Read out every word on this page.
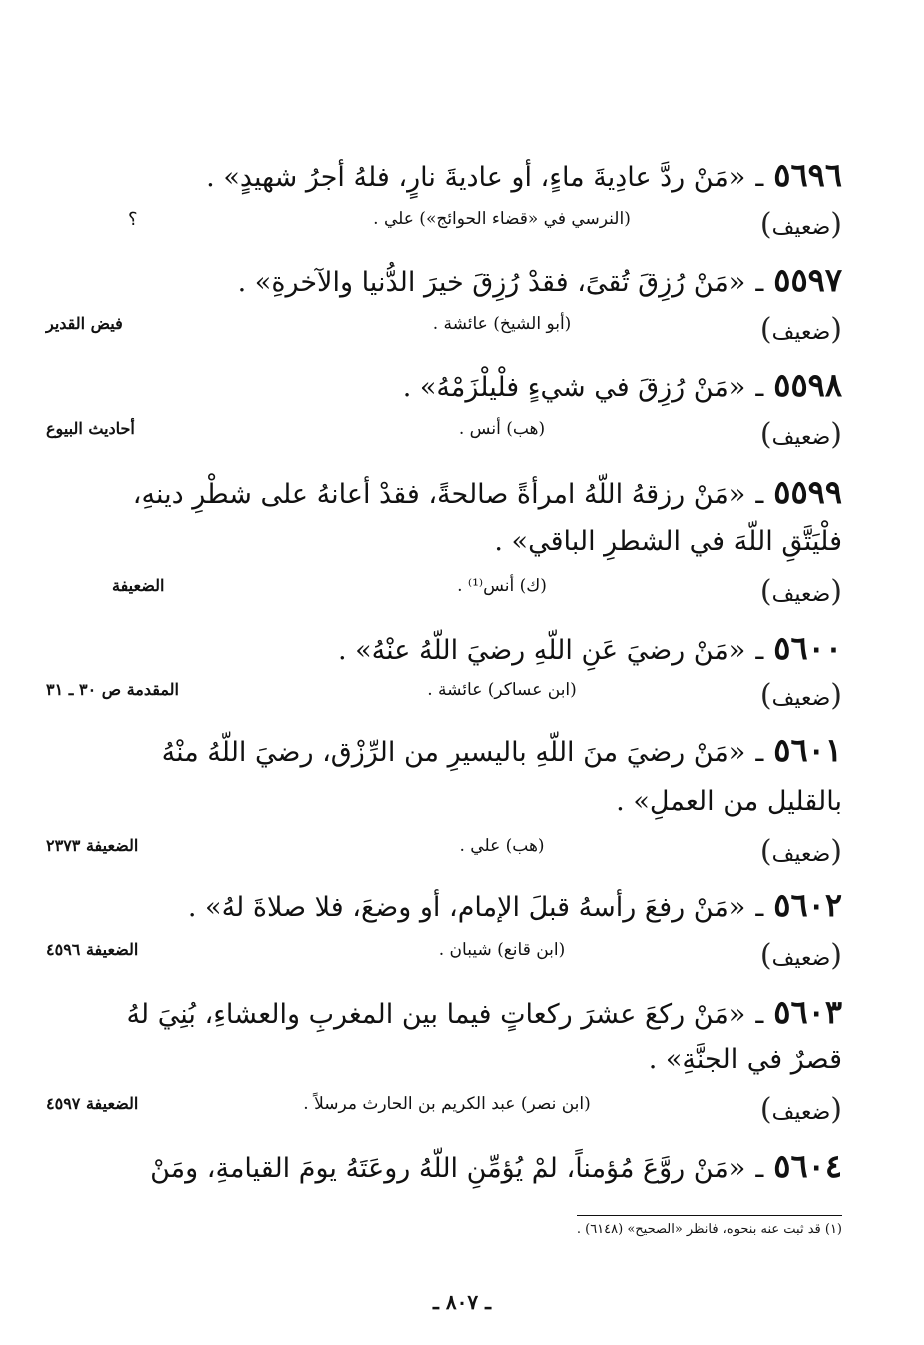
٥٦٩٦ـ«مَنْ ردَّ عادِيةَ ماءٍ، أو عاديةَ نارٍ، فلهُ أجرُ شهيدٍ» .
(ضعيف)
(النرسي في «قضاء الحوائج») علي .
؟
٥٥٩٧ـ«مَنْ رُزِقَ تُقىً، فقدْ رُزِقَ خيرَ الدُّنيا والآخرةِ» .
(ضعيف)
(أبو الشيخ) عائشة .
فيض القدير
٥٥٩٨ـ«مَنْ رُزِقَ في شيءٍ فلْيلْزَمْهُ» .
(ضعيف)
(هب) أنس .
أحاديث البيوع
٥٥٩٩ـ«مَنْ رزقهُ اللّهُ امرأةً صالحةً، فقدْ أعانهُ على شطْرِ دينهِ،
فلْيَتَّقِ اللّهَ في الشطرِ الباقي» .
(ضعيف)
(ك) أنس⁽¹⁾ .
الضعيفة
٥٦٠٠ـ«مَنْ رضيَ عَنِ اللّهِ رضيَ اللّهُ عنْهُ» .
(ضعيف)
(ابن عساكر) عائشة .
المقدمة ص ٣٠ ـ ٣١
٥٦٠١ـ«مَنْ رضيَ منَ اللّهِ باليسيرِ من الرِّزْق، رضيَ اللّهُ منْهُ
بالقليل من العملِ» .
(ضعيف)
(هب) علي .
الضعيفة ٢٣٧٣
٥٦٠٢ـ«مَنْ رفعَ رأسهُ قبلَ الإمام، أو وضعَ، فلا صلاةَ لهُ» .
(ضعيف)
(ابن قانع) شيبان .
الضعيفة ٤٥٩٦
٥٦٠٣ـ«مَنْ ركعَ عشرَ ركعاتٍ فيما بين المغربِ والعشاءِ، بُنِيَ لهُ
قصرٌ في الجنَّةِ» .
(ضعيف)
(ابن نصر) عبد الكريم بن الحارث مرسلاً .
الضعيفة ٤٥٩٧
٥٦٠٤ـ«مَنْ روَّعَ مُؤمناً، لمْ يُؤمِّنِ اللّهُ روعَتَهُ يومَ القيامةِ، ومَنْ
(١) قد ثبت عنه بنحوه، فانظر «الصحيح» (٦١٤٨) .
ـ ٨٠٧ ـ
